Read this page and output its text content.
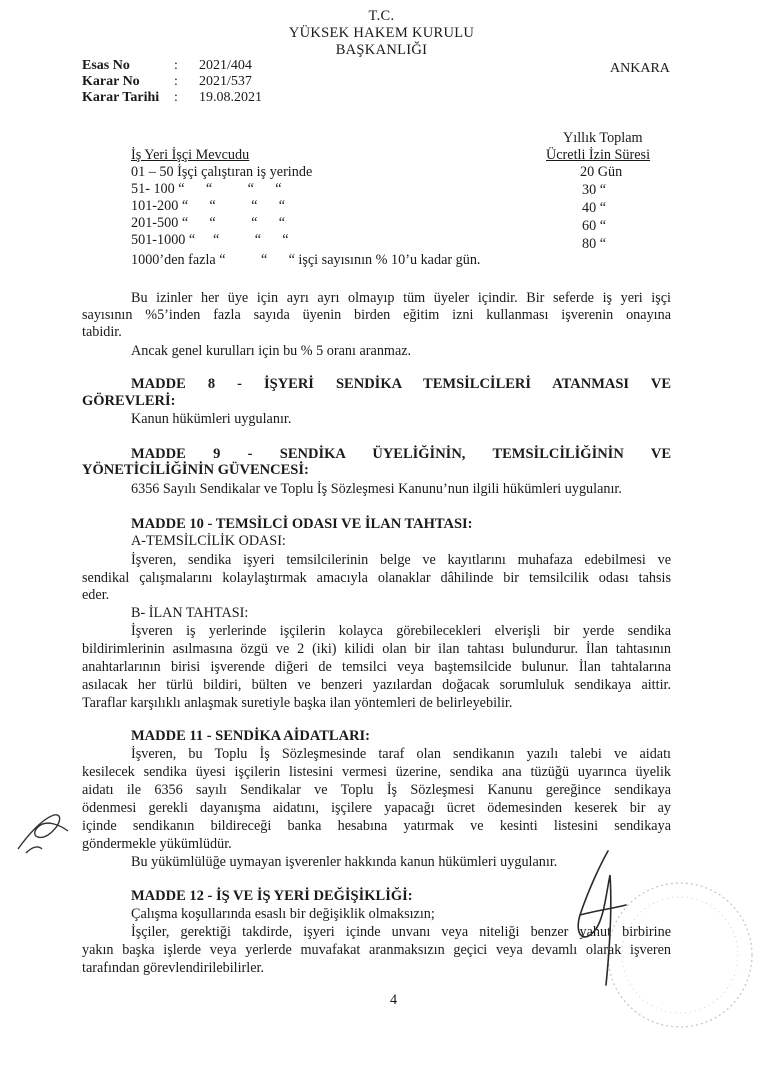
T.C.
YÜKSEK HAKEM KURULU
BAŞKANLIĞI
Esas No	: 2021/404
Karar No : 2021/537
Karar Tarihi : 19.08.2021
ANKARA
Yıllık Toplam
İş Yeri İşçi Mevcudu	Ücretli İzin Süresi
01 – 50 İşçi çalıştıran iş yerinde	20 Gün
51- 100 “      “          “      “	30 “
101-200 “      “          “      “	40 “
201-500 “      “          “      “	60 “
501-1000 “     “          “      “	80 “
1000’den fazla “          “      “ işçi sayısının % 10’u kadar gün.
Bu izinler her üye için ayrı ayrı olmayıp tüm üyeler içindir. Bir seferde iş yeri işçi
sayısının %5’inden fazla sayıda üyenin birden eğitim izni kullanması işverenin onayına
tabidir.
Ancak genel kurulları için bu % 5 oranı aranmaz.
MADDE 8 - İŞYERİ SENDİKA TEMSİLCİLERİ ATANMASI VE
GÖREVLERİ:
Kanun hükümleri uygulanır.
MADDE 9 - SENDİKA ÜYELİĞİNİN, TEMSİLCİLİĞİNİN VE
YÖNETİCİLİĞİNİN GÜVENCESİ:
6356 Sayılı Sendikalar ve Toplu İş Sözleşmesi Kanunu’nun ilgili hükümleri uygulanır.
MADDE 10 - TEMSİLCİ ODASI VE İLAN TAHTASI:
A-TEMSİLCİLİK ODASI:
İşveren, sendika işyeri temsilcilerinin belge ve kayıtlarını muhafaza edebilmesi ve
sendikal çalışmalarını kolaylaştırmak amacıyla olanaklar dâhilinde bir temsilcilik odası tahsis
eder.
B- İLAN TAHTASI:
İşveren iş yerlerinde işçilerin kolayca görebilecekleri elverişli bir yerde sendika
bildirimlerinin asılmasına özgü ve 2 (iki) kilidi olan bir ilan tahtası bulundurur. İlan tahtasının
anahtarlarının birisi işverende diğeri de temsilci veya baştemsilcide bulunur. İlan tahtalarına
asılacak her türlü bildiri, bülten ve benzeri yazılardan doğacak sorumluluk sendikaya aittir.
Taraflar karşılıklı anlaşmak suretiyle başka ilan yöntemleri de belirleyebilir.
MADDE 11 - SENDİKA AİDATLARI:
İşveren, bu Toplu İş Sözleşmesinde taraf olan sendikanın yazılı talebi ve aidatı
kesilecek sendika üyesi işçilerin listesini vermesi üzerine, sendika ana tüzüğü uyarınca üyelik
aidatı ile 6356 sayılı Sendikalar ve Toplu İş Sözleşmesi Kanunu gereğince sendikaya
ödenmesi gerekli dayanışma aidatını, işçilere yapacağı ücret ödemesinden keserek bir ay
içinde sendikanın bildireceği banka hesabına yatırmak ve kesinti listesini sendikaya
göndermekle yükümlüdür.
Bu yükümlülüğe uymayan işverenler hakkında kanun hükümleri uygulanır.
MADDE 12 - İŞ VE İŞ YERİ DEĞİŞİKLİĞİ:
Çalışma koşullarında esaslı bir değişiklik olmaksızın;
İşçiler, gerektiği takdirde, işyeri içinde unvanı veya niteliği benzer yahut birbirine
yakın başka işlerde veya yerlerde muvafakat aranmaksızın geçici veya devamlı olarak işveren
tarafından görevlendirilebilirler.
4
